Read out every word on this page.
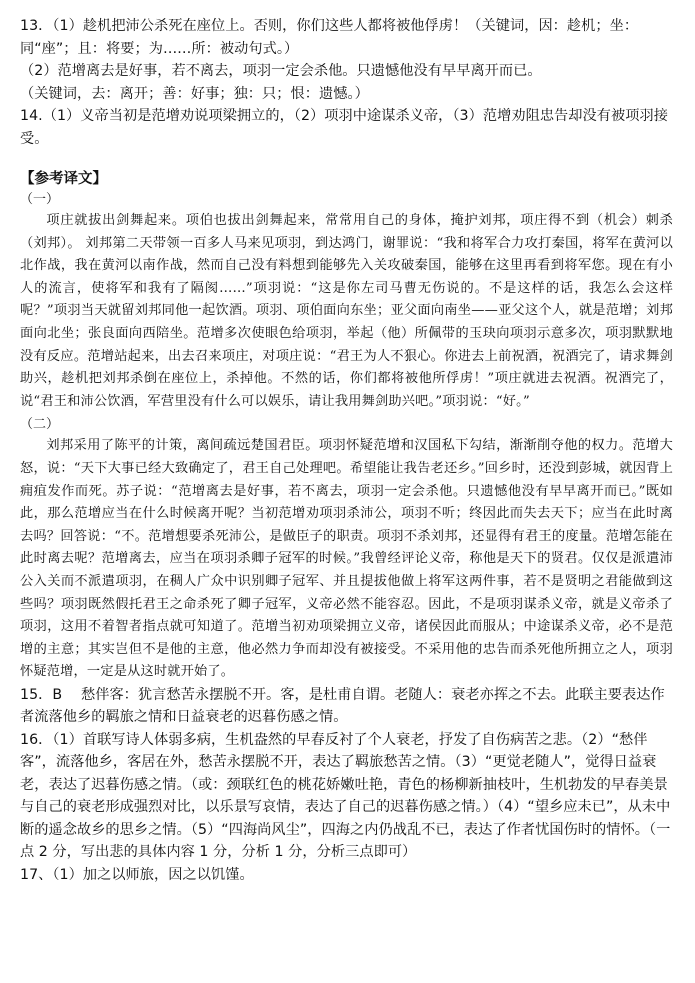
13．（1）趁机把沛公杀死在座位上。否则，你们这些人都将被他俘虏！（关键词，因：趁机；坐：同“座”；且：将要；为……所：被动句式。）

（2）范增离去是好事，若不离去，项羽一定会杀他。只遗憾他没有早早离开而已。

（关键词，去：离开；善：好事；独：只；恨：遗憾。）

14.（1）义帝当初是范增劝说项梁拥立的，（2）项羽中途谋杀义帝，（3）范增劝阻忠告却没有被项羽接受。

【参考译文】

（一）

项庄就拔出剑舞起来。项伯也拔出剑舞起来，常常用自己的身体，掩护刘邦，项庄得不到（机会）刺杀（刘邦）。 刘邦第二天带领一百多人马来见项羽，到达鸿门，谢罪说：“我和将军合力攻打秦国，将军在黄河以北作战，我在黄河以南作战，然而自己没有料想到能够先入关攻破秦国，能够在这里再看到将军您。现在有小人的流言，使将军和我有了隔阂……”项羽说：“这是你左司马曹无伤说的。不是这样的话，我怎么会这样呢？”项羽当天就留刘邦同他一起饮酒。项羽、项伯面向东坐；亚父面向南坐——亚父这个人，就是范增；刘邦面向北坐；张良面向西陪坐。范增多次使眼色给项羽，举起（他）所佩带的玉玦向项羽示意多次，项羽默默地没有反应。范增站起来，出去召来项庄，对项庄说：“君王为人不狠心。你进去上前祝酒，祝酒完了，请求舞剑助兴，趁机把刘邦杀倒在座位上，杀掉他。不然的话，你们都将被他所俘虏！”项庄就进去祝酒。祝酒完了，说“君王和沛公饮酒，军营里没有什么可以娱乐，请让我用舞剑助兴吧。”项羽说：“好。”

（二）

刘邦采用了陈平的计策，离间疏远楚国君臣。项羽怀疑范增和汉国私下勾结，渐渐削夺他的权力。范增大怒，说：“天下大事已经大致确定了，君王自己处理吧。希望能让我告老还乡。”回乡时，还没到彭城，就因背上痈疽发作而死。苏子说：“范增离去是好事，若不离去，项羽一定会杀他。只遗憾他没有早早离开而已。”既如此，那么范增应当在什么时候离开呢？当初范增劝项羽杀沛公，项羽不听；终因此而失去天下；应当在此时离去吗？回答说：“不。范增想要杀死沛公，是做臣子的职责。项羽不杀刘邦，还显得有君王的度量。范增怎能在此时离去呢？范增离去，应当在项羽杀卿子冠军的时候。”我曾经评论义帝，称他是天下的贤君。仅仅是派遣沛公入关而不派遣项羽，在稠人广众中识别卿子冠军、并且提拔他做上将军这两件事，若不是贤明之君能做到这些吗？项羽既然假托君王之命杀死了卿子冠军，义帝必然不能容忍。因此，不是项羽谋杀义帝，就是义帝杀了项羽，这用不着智者指点就可知道了。范增当初劝项梁拥立义帝，诸侯因此而服从；中途谋杀义帝，必不是范增的主意；其实岂但不是他的主意，他必然力争而却没有被接受。不采用他的忠告而杀死他所拥立之人，项羽怀疑范增，一定是从这时就开始了。

15．B　 愁伴客：犹言愁苦永摆脱不开。客，是杜甫自谓。老随人：衰老亦挥之不去。此联主要表达作者流落他乡的羁旅之情和日益衰老的迟暮伤感之情。

16．（1）首联写诗人体弱多病，生机盎然的早春反衬了个人衰老，抒发了自伤病苦之悲。（2）“愁伴客”，流落他乡，客居在外，愁苦永摆脱不开，表达了羁旅愁苦之情。（3）“更觉老随人”，觉得日益衰老，表达了迟暮伤感之情。（或：颈联红色的桃花娇嫩吐艳，青色的杨柳新抽枝叶，生机勃发的早春美景与自己的衰老形成强烈对比，以乐景写哀情，表达了自己的迟暮伤感之情。）（4）“望乡应未已”，从未中断的遥念故乡的思乡之情。（5）“四海尚风尘”，四海之内仍战乱不已，表达了作者忧国伤时的情怀。（一点 2 分，写出悲的具体内容 1 分，分析 1 分，分析三点即可）

17、（1）加之以师旅，因之以饥馑。
